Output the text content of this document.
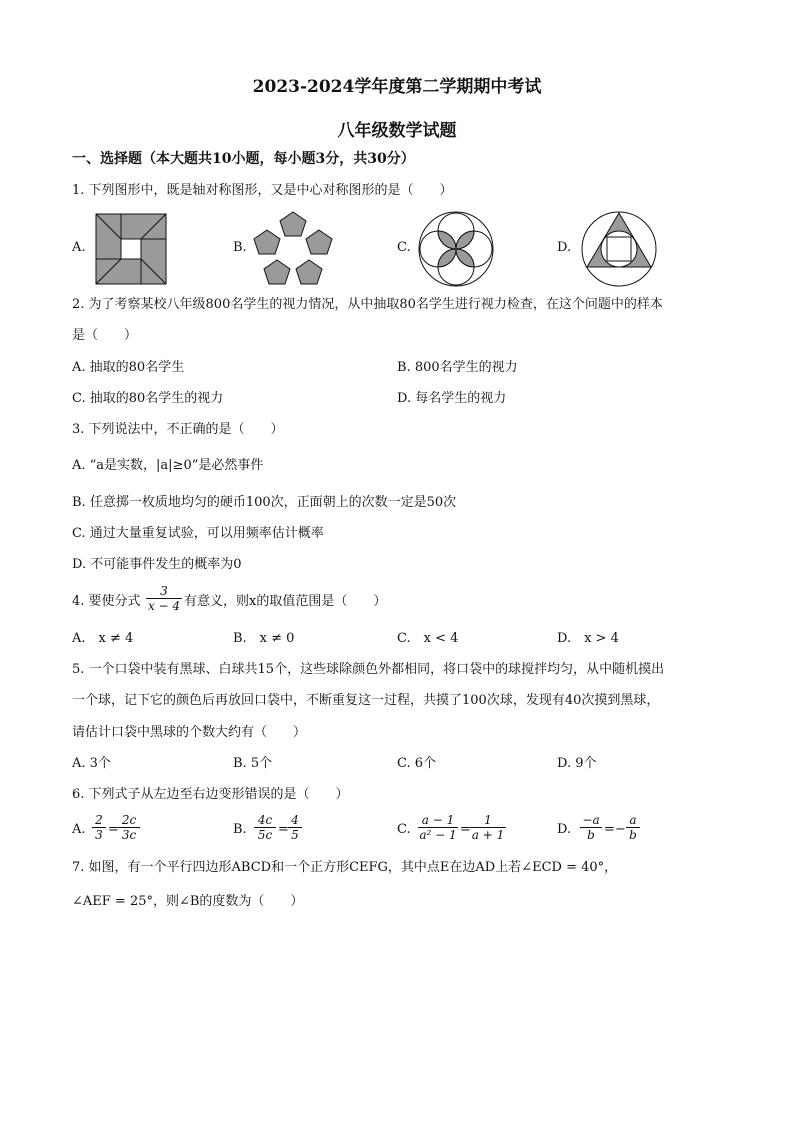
2023-2024学年度第二学期期中考试
八年级数学试题
一、选择题（本大题共10小题，每小题3分，共30分）
1. 下列图形中，既是轴对称图形，又是中心对称图形的是（　　）
A.	B.	C.	D.
2. 为了考察某校八年级800名学生的视力情况，从中抽取80名学生进行视力检查，在这个问题中的样本
是（　　）
A. 抽取的80名学生	B. 800名学生的视力
C. 抽取的80名学生的视力	D. 每名学生的视力
3. 下列说法中，不正确的是（　　）
A. “a是实数，|a|≥0”是必然事件
B. 任意掷一枚质地均匀的硬币100次，正面朝上的次数一定是50次
C. 通过大量重复试验，可以用频率估计概率
D. 不可能事件发生的概率为0
4. 要使分式 $\frac{3}{x - 4}$ 有意义，则x的取值范围是（　　）
A.　x ≠ 4	B.　x ≠ 0	C.　x < 4	D.　x > 4
5. 一个口袋中装有黑球、白球共15个，这些球除颜色外都相同，将口袋中的球搅拌均匀，从中随机摸出
一个球，记下它的颜色后再放回口袋中，不断重复这一过程，共摸了100次球，发现有40次摸到黑球，
请估计口袋中黑球的个数大约有（　　）
A. 3个	B. 5个	C. 6个	D. 9个
6. 下列式子从左边至右边变形错误的是（　　）
A. $\frac{2}{3} = \frac{2c}{3c}$	B. $\frac{4c}{5c} = \frac{4}{5}$	C. $\frac{a - 1}{\text{a² − 1}} = \frac{1}{a + 1}$	D. $\frac{-a}{b}$ = − $\frac{a}{b}$
7. 如图，有一个平行四边形ABCD和一个正方形CEFG，其中点E在边AD上若∠ECD = 40°，
∠AEF = 25°，则∠B的度数为（　　）
